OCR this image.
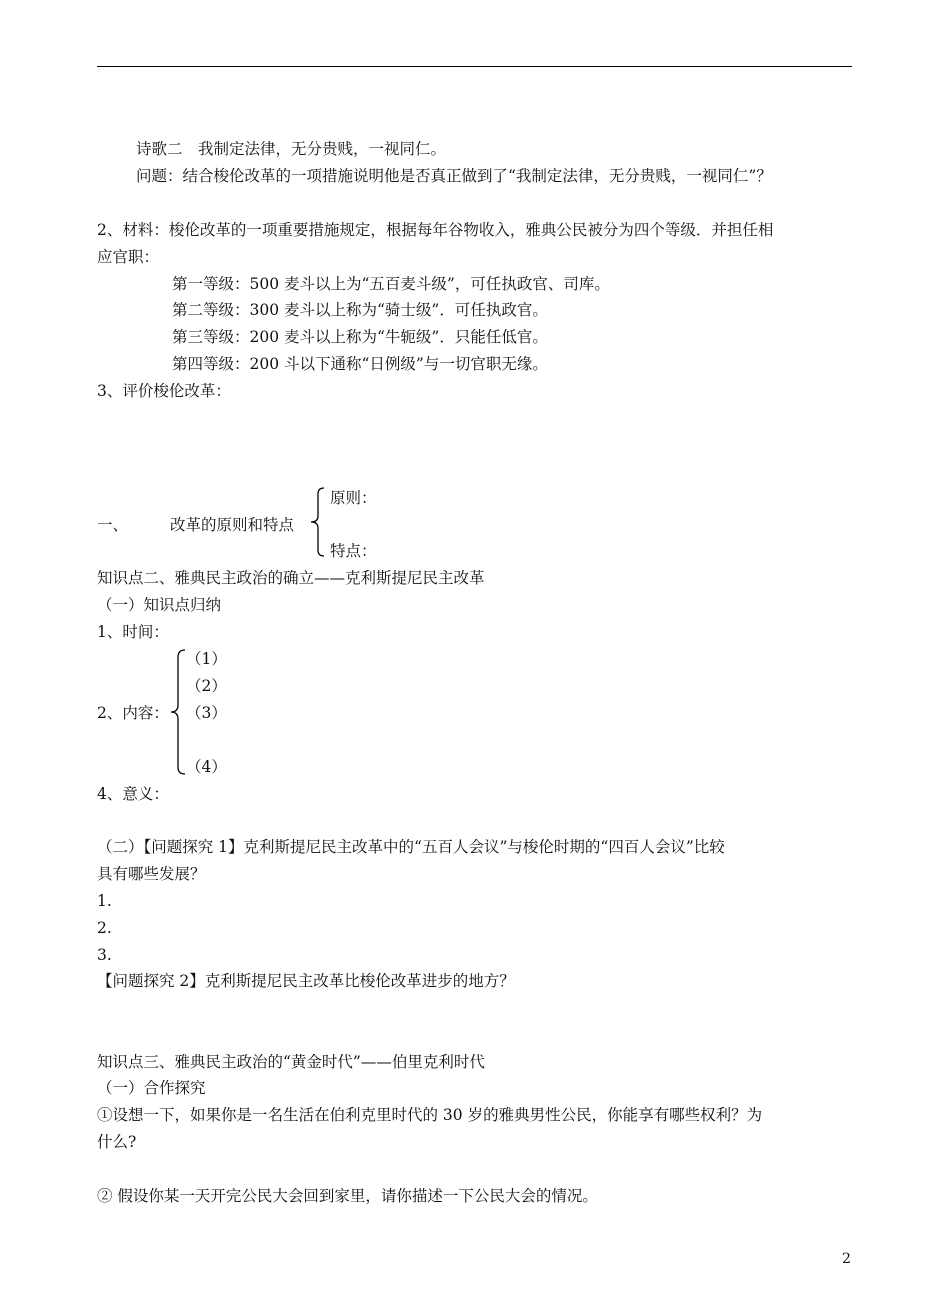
诗歌二　我制定法律，无分贵贱，一视同仁。
问题：结合梭伦改革的一项措施说明他是否真正做到了“我制定法律，无分贵贱，一视同仁”？
2、材料：梭伦改革的一项重要措施规定，根据每年谷物收入，雅典公民被分为四个等级．并担任相
应官职：
第一等级：500 麦斗以上为“五百麦斗级”，可任执政官、司库。
第二等级：300 麦斗以上称为“骑士级”．可任执政官。
第三等级：200 麦斗以上称为“牛轭级”．只能任低官。
第四等级：200 斗以下通称“日例级”与一切官职无缘。
3、评价梭伦改革：
一、	改革的原则和特点
原则：
特点：
知识点二、雅典民主政治的确立——克利斯提尼民主改革
（一）知识点归纳
1、时间：
2、内容：
（1）
（2）
（3）
（4）
4、意义：
（二）【问题探究 1】克利斯提尼民主改革中的“五百人会议”与梭伦时期的“四百人会议”比较
具有哪些发展？
1.
2.
3.
【问题探究 2】克利斯提尼民主改革比梭伦改革进步的地方？
知识点三、雅典民主政治的“黄金时代”——伯里克利时代
（一）合作探究
①设想一下，如果你是一名生活在伯利克里时代的 30 岁的雅典男性公民，你能享有哪些权利？为
什么?
② 假设你某一天开完公民大会回到家里，请你描述一下公民大会的情况。
2
